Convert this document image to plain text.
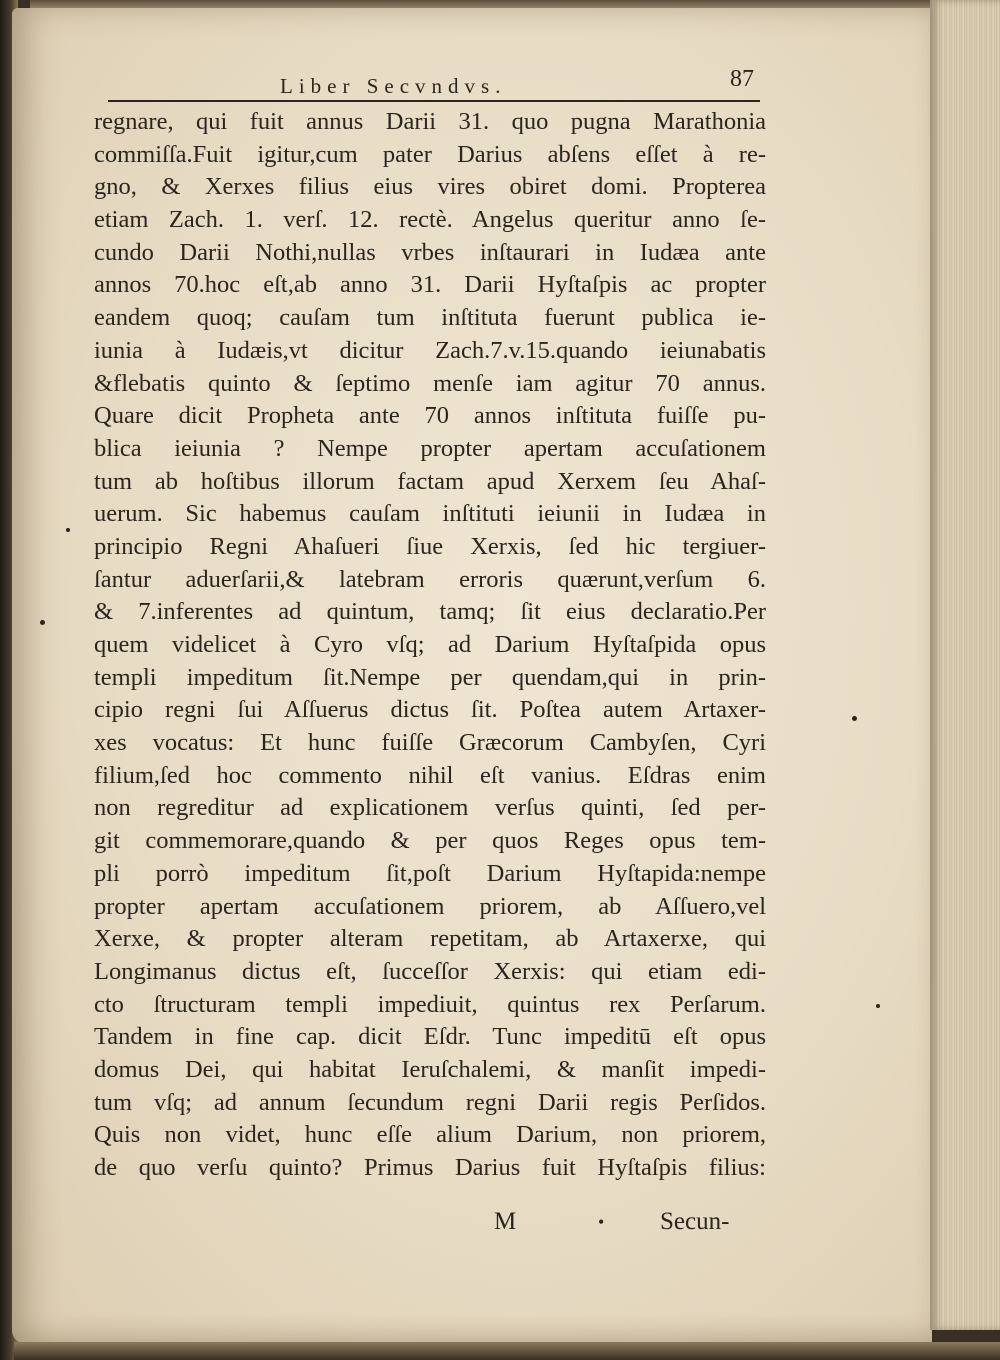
Liber Secvndvs.	87
regnare, qui fuit annus Darii 31. quo pugna Marathonia
commiſſa.Fuit igitur,cum pater Darius abſens eſſet à re-
gno, & Xerxes filius eius vires obiret domi. Propterea
etiam Zach. 1. verſ. 12. rectè. Angelus queritur anno ſe-
cundo Darii Nothi,nullas vrbes inſtaurari in Iudæa ante
annos 70.hoc eſt,ab anno 31. Darii Hyſtaſpis ac propter
eandem quoq; cauſam tum inſtituta fuerunt publica ie-
iunia à Iudæis,vt dicitur Zach.7.v.15.quando ieiunabatis
&flebatis quinto & ſeptimo menſe iam agitur 70 annus.
Quare dicit Propheta ante 70 annos inſtituta fuiſſe pu-
blica ieiunia ? Nempe propter apertam accuſationem
tum ab hoſtibus illorum factam apud Xerxem ſeu Ahaſ-
uerum. Sic habemus cauſam inſtituti ieiunii in Iudæa in
principio Regni Ahaſueri ſiue Xerxis, ſed hic tergiuer-
ſantur aduerſarii,& latebram erroris quærunt,verſum 6.
& 7.inferentes ad quintum, tamq; ſit eius declaratio.Per
quem videlicet à Cyro vſq; ad Darium Hyſtaſpida opus
templi impeditum ſit.Nempe per quendam,qui in prin-
cipio regni ſui Aſſuerus dictus ſit. Poſtea autem Artaxer-
xes vocatus: Et hunc fuiſſe Græcorum Cambyſen, Cyri
filium,ſed hoc commento nihil eſt vanius. Eſdras enim
non regreditur ad explicationem verſus quinti, ſed per-
git commemorare,quando & per quos Reges opus tem-
pli porrò impeditum ſit,poſt Darium Hyſtapida:nempe
propter apertam accuſationem priorem, ab Aſſuero,vel
Xerxe, & propter alteram repetitam, ab Artaxerxe, qui
Longimanus dictus eſt, ſucceſſor Xerxis: qui etiam edi-
cto ſtructuram templi impediuit, quintus rex Perſarum.
Tandem in fine cap. dicit Eſdr. Tunc impeditū eſt opus
domus Dei, qui habitat Ieruſchalemi, & manſit impedi-
tum vſq; ad annum ſecundum regni Darii regis Perſidos.
Quis non videt, hunc eſſe alium Darium, non priorem,
de quo verſu quinto? Primus Darius fuit Hyſtaſpis filius:
M	• Secun-
